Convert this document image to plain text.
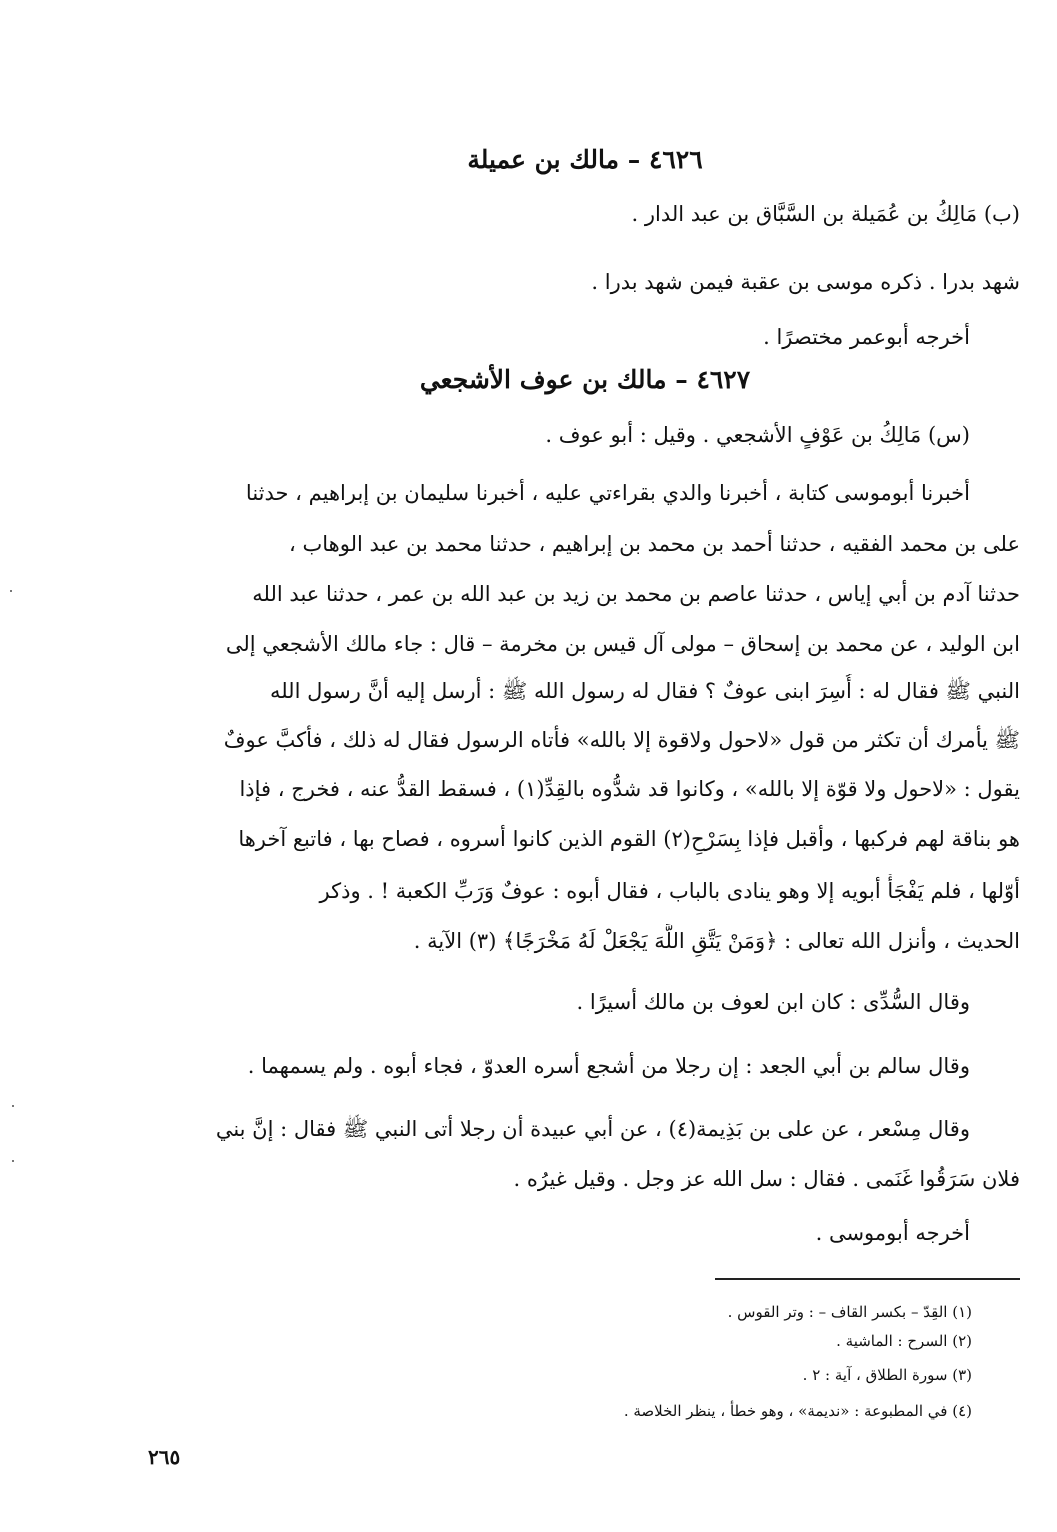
٤٦٢٦ – مالك بن عميلة
(ب) مَالِكُ بن عُمَيلة بن السَّبَّاق بن عبد الدار .
شهد بدرا . ذكره موسى بن عقبة فيمن شهد بدرا .
أخرجه أبوعمر مختصرًا .
٤٦٢٧ – مالك بن عوف الأشجعي
(س) مَالِكُ بن عَوْفٍ الأشجعي . وقيل : أبو عوف .
أخبرنا أبوموسى كتابة ، أخبرنا والدي بقراءتي عليه ، أخبرنا سليمان بن إبراهيم ، حدثنا
على بن محمد الفقيه ، حدثنا أحمد بن محمد بن إبراهيم ، حدثنا محمد بن عبد الوهاب ،
حدثنا آدم بن أبي إياس ، حدثنا عاصم بن محمد بن زيد بن عبد الله بن عمر ، حدثنا عبد الله
ابن الوليد ، عن محمد بن إسحاق – مولى آل قيس بن مخرمة – قال : جاء مالك الأشجعي إلى
النبي ﷺ فقال له : أُسِرَ ابنى عوفٌ ؟ فقال له رسول الله ﷺ : أرسل إليه أنَّ رسول الله
ﷺ يأمرك أن تكثر من قول «لاحول ولاقوة إلا بالله» فأتاه الرسول فقال له ذلك ، فأكبَّ عوفٌ
يقول : «لاحول ولا قوّة إلا بالله» ، وكانوا قد شدُّوه بالقِدِّ(١) ، فسقط القدُّ عنه ، فخرج ، فإذا
هو بناقة لهم فركبها ، وأقبل فإذا بِسَرْحِ(٢) القوم الذين كانوا أسروه ، فصاح بها ، فاتبع آخرها
أوّلها ، فلم يَفْجَأْ أبويه إلا وهو ينادى بالباب ، فقال أبوه : عوفٌ وَرَبِّ الكعبة ! . وذكر
الحديث ، وأنزل الله تعالى : ﴿وَمَنْ يَتَّقِ اللَّهَ يَجْعَلْ لَهُ مَخْرَجًا﴾ (٣) الآية .
وقال السُّدِّى : كان ابن لعوف بن مالك أسيرًا .
وقال سالم بن أبي الجعد : إن رجلا من أشجع أسره العدوّ ، فجاء أبوه . ولم يسمهما .
وقال مِسْعر ، عن على بن بَذِيمة(٤) ، عن أبي عبيدة أن رجلا أتى النبي ﷺ فقال : إنَّ بني
فلان سَرَقُوا غَنَمى . فقال : سل الله عز وجل . وقيل غيرُه .
أخرجه أبوموسى .
(١) القِدّ – بكسر القاف – : وتر القوس .
(٢) السرح : الماشية .
(٣) سورة الطلاق ، آية : ٢ .
(٤) في المطبوعة : «نديمة» ، وهو خطأ ، ينظر الخلاصة .
٢٦٥
